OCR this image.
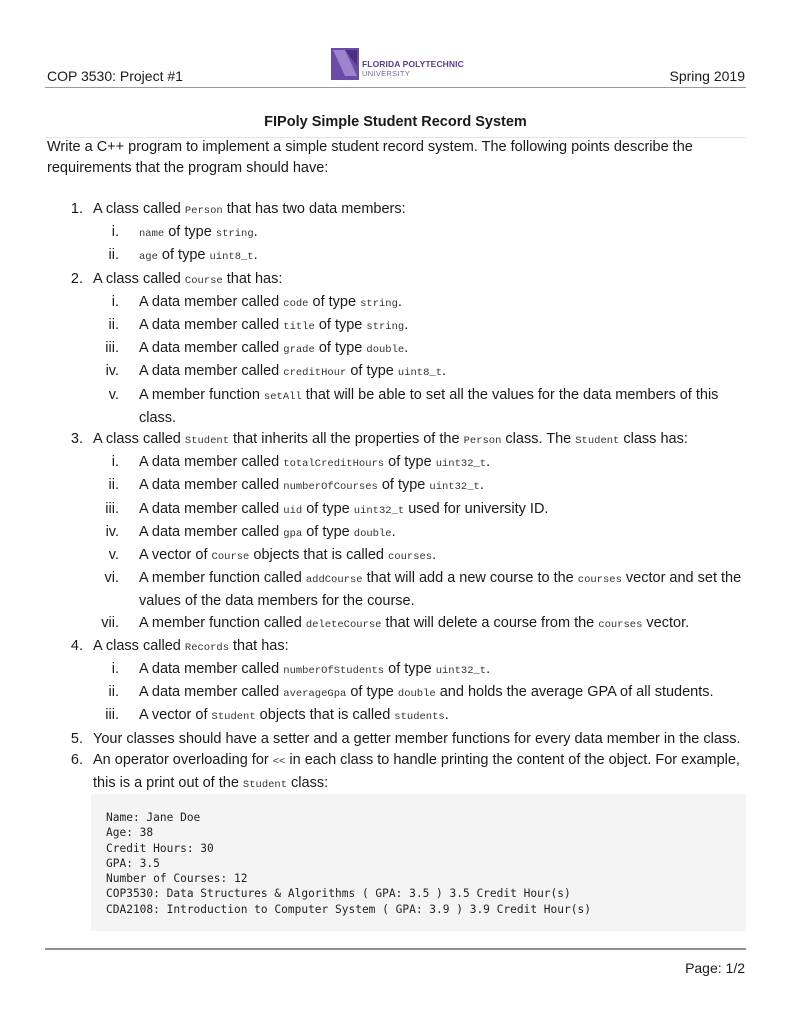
COP 3530: Project #1
FLORIDA POLYTECHNIC
UNIVERSITY	Spring 2019
FIPoly Simple Student Record System
Write a C++ program to implement a simple student record system. The following points describe the requirements that the program should have:
1. A class called Person that has two data members:
i. name of type string.
ii. age of type uint8_t.
2. A class called Course that has:
i. A data member called code of type string.
ii. A data member called title of type string.
iii. A data member called grade of type double.
iv. A data member called creditHour of type uint8_t.
v. A member function setAll that will be able to set all the values for the data members of this class.
3. A class called Student that inherits all the properties of the Person class. The Student class has:
i. A data member called totalCreditHours of type uint32_t.
ii. A data member called numberOfCourses of type uint32_t.
iii. A data member called uid of type uint32_t used for university ID.
iv. A data member called gpa of type double.
v. A vector of Course objects that is called courses.
vi. A member function called addCourse that will add a new course to the courses vector and set the values of the data members for the course.
vii. A member function called deleteCourse that will delete a course from the courses vector.
4. A class called Records that has:
i. A data member called numberOfStudents of type uint32_t.
ii. A data member called averageGpa of type double and holds the average GPA of all students.
iii. A vector of Student objects that is called students.
5. Your classes should have a setter and a getter member functions for every data member in the class.
6. An operator overloading for << in each class to handle printing the content of the object. For example, this is a print out of the Student class:
Name: Jane Doe
Age: 38
Credit Hours: 30
GPA: 3.5
Number of Courses: 12
COP3530: Data Structures & Algorithms ( GPA: 3.5 ) 3.5 Credit Hour(s)
CDA2108: Introduction to Computer System ( GPA: 3.9 ) 3.9 Credit Hour(s)
Page: 1/2
